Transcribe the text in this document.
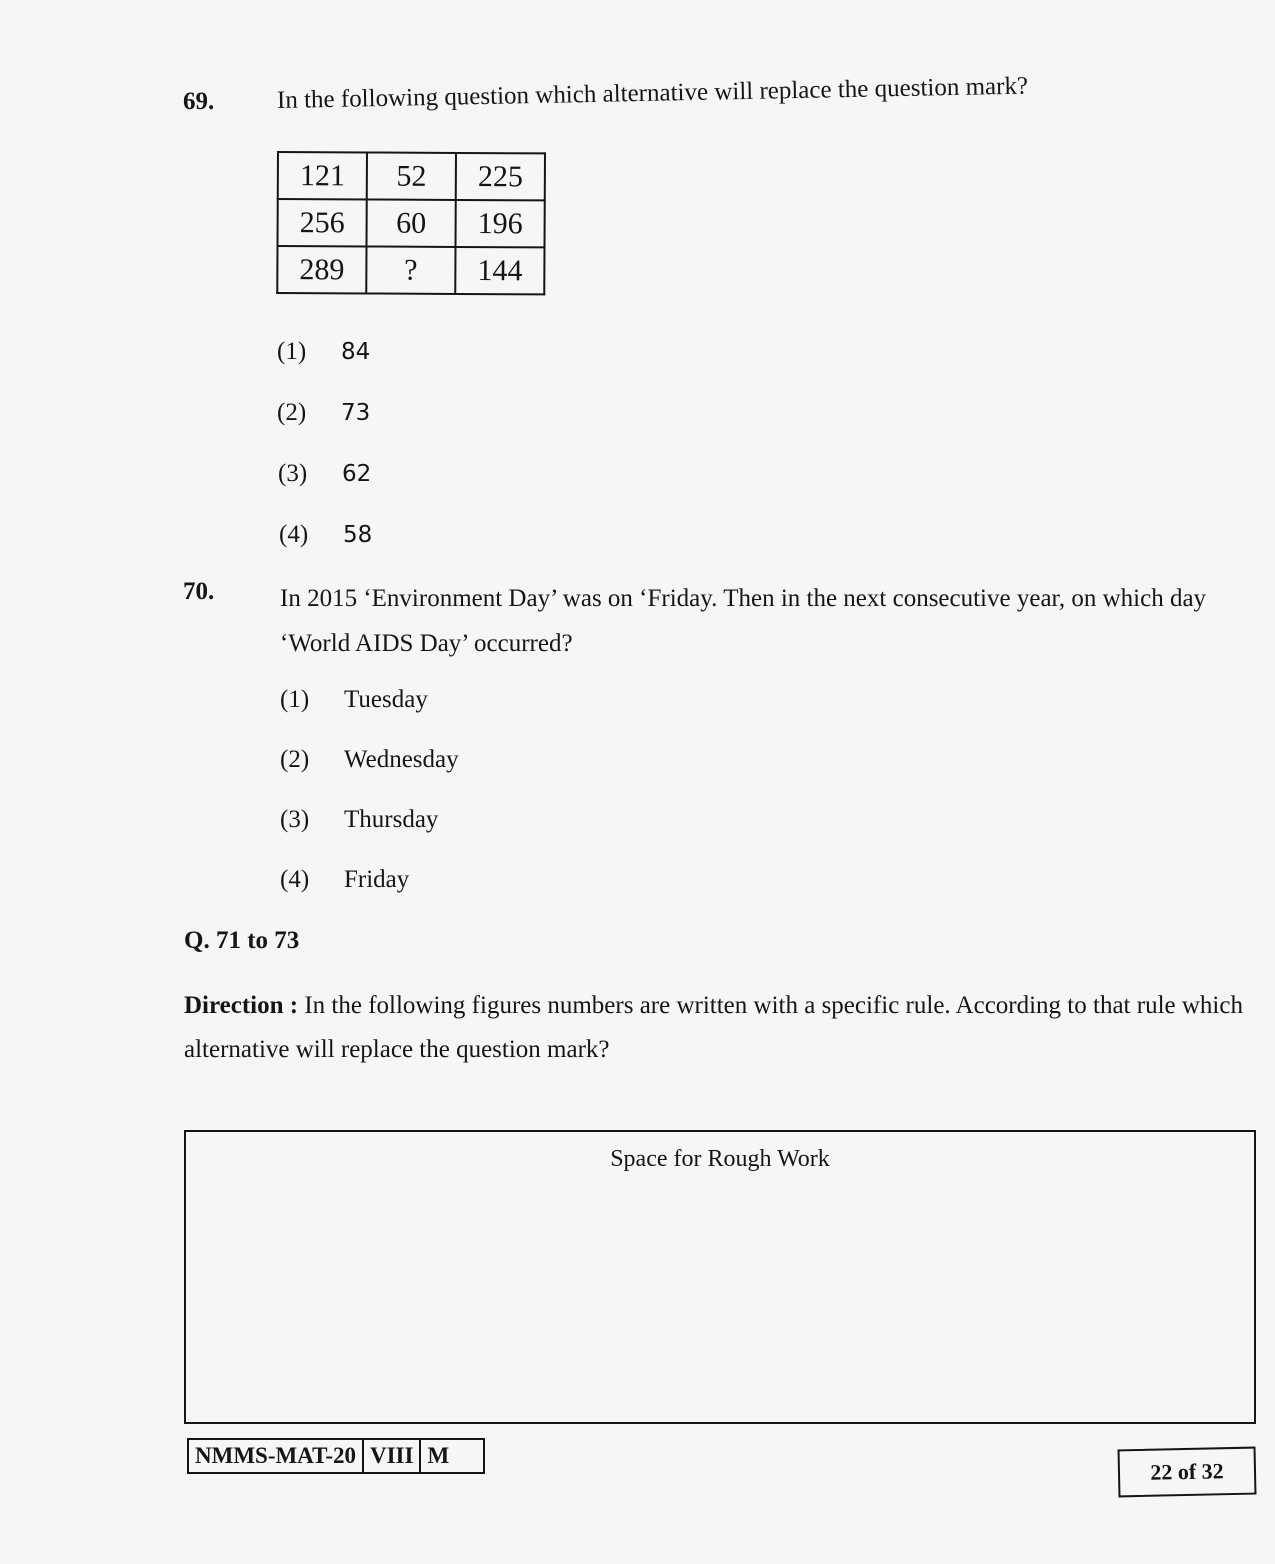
69. In the following question which alternative will replace the question mark?
121	52	225
256	60	196
289	?	144
(1)	84
(2)	73
(3)	62
(4)	58
70.	In 2015 ‘Environment Day’ was on ‘Friday. Then in the next consecutive year, on which day
‘World AIDS Day’ occurred?
(1)	Tuesday
(2)	Wednesday
(3)	Thursday
(4)	Friday
Q. 71 to 73
Direction : In the following figures numbers are written with a specific rule. According to that rule which alternative will replace the question mark?
Space for Rough Work
NMMS-MAT-20 VIII M
22 of 32
